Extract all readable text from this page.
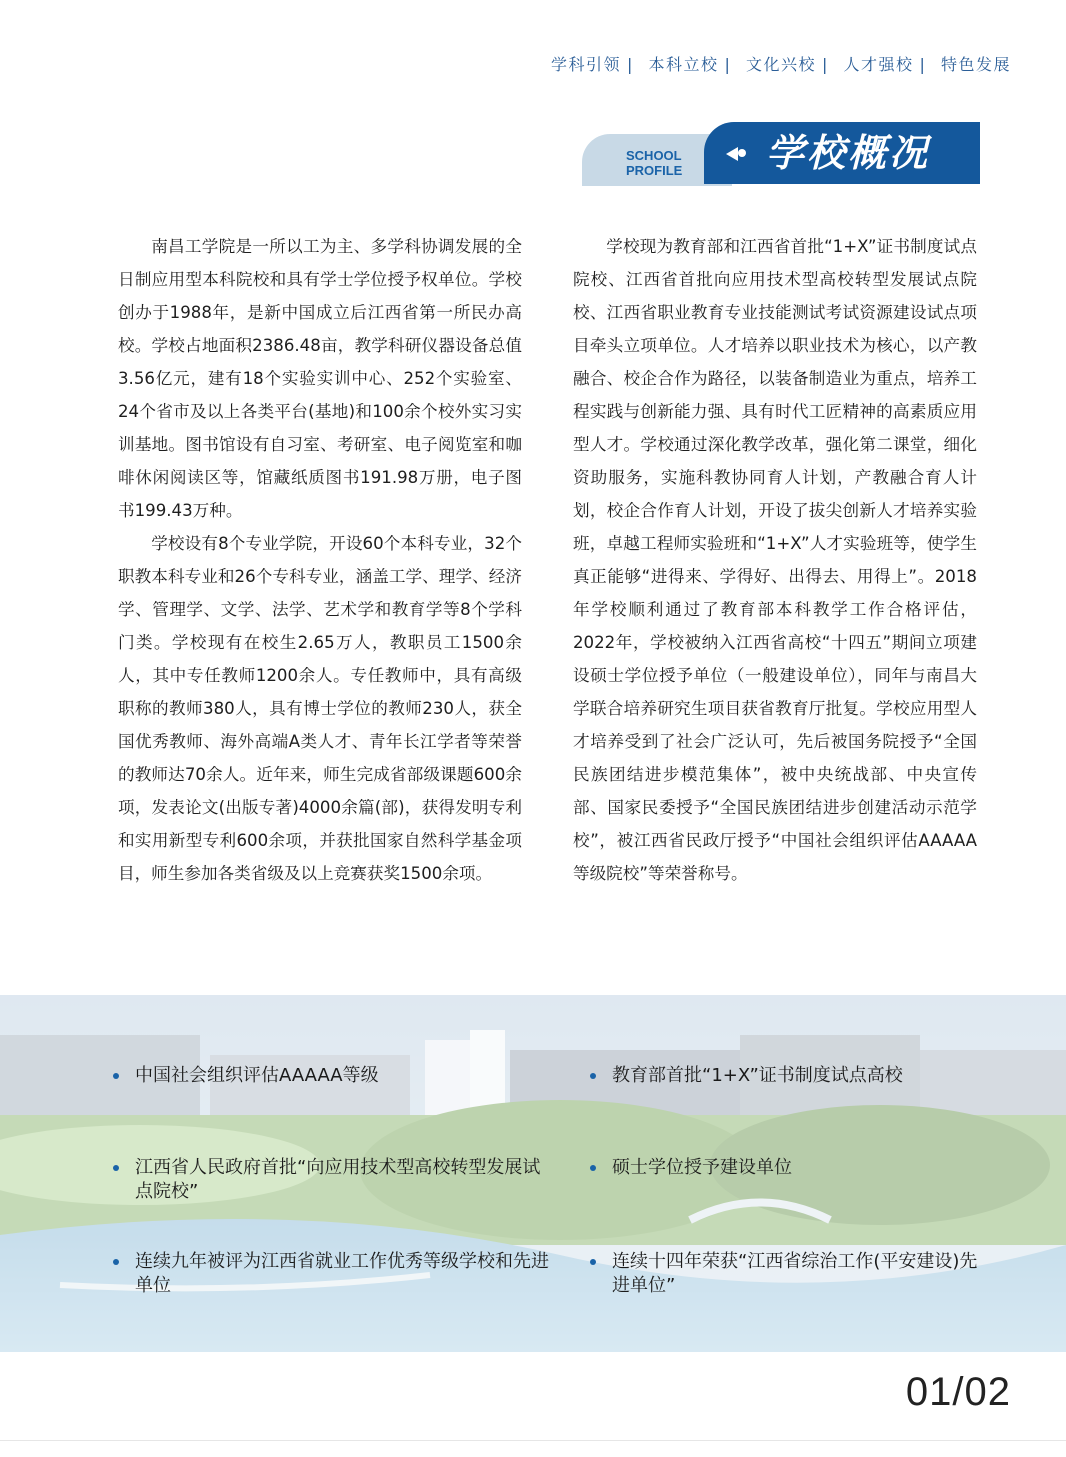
学科引领 | 本科立校 | 文化兴校 | 人才强校 | 特色发展
SCHOOL
PROFILE 学校概况

南昌工学院是一所以工为主、多学科协调发展的全日制应用型本科院校和具有学士学位授予权单位。学校创办于1988年，是新中国成立后江西省第一所民办高校。学校占地面积2386.48亩，教学科研仪器设备总值3.56亿元，建有18个实验实训中心、252个实验室、24个省市及以上各类平台(基地)和100余个校外实习实训基地。图书馆设有自习室、考研室、电子阅览室和咖啡休闲阅读区等，馆藏纸质图书191.98万册，电子图书199.43万种。

学校设有8个专业学院，开设60个本科专业，32个职教本科专业和26个专科专业，涵盖工学、理学、经济学、管理学、文学、法学、艺术学和教育学等8个学科门类。学校现有在校生2.65万人，教职员工1500余人，其中专任教师1200余人。专任教师中，具有高级职称的教师380人，具有博士学位的教师230人，获全国优秀教师、海外高端A类人才、青年长江学者等荣誉的教师达70余人。近年来，师生完成省部级课题600余项，发表论文(出版专著)4000余篇(部)，获得发明专利和实用新型专利600余项，并获批国家自然科学基金项目，师生参加各类省级及以上竞赛获奖1500余项。

学校现为教育部和江西省首批“1+X”证书制度试点院校、江西省首批向应用技术型高校转型发展试点院校、江西省职业教育专业技能测试考试资源建设试点项目牵头立项单位。人才培养以职业技术为核心，以产教融合、校企合作为路径，以装备制造业为重点，培养工程实践与创新能力强、具有时代工匠精神的高素质应用型人才。学校通过深化教学改革，强化第二课堂，细化资助服务，实施科教协同育人计划，产教融合育人计划，校企合作育人计划，开设了拔尖创新人才培养实验班，卓越工程师实验班和“1+X”人才实验班等，使学生真正能够“进得来、学得好、出得去、用得上”。2018年学校顺利通过了教育部本科教学工作合格评估，2022年，学校被纳入江西省高校“十四五”期间立项建设硕士学位授予单位（一般建设单位），同年与南昌大学联合培养研究生项目获省教育厅批复。学校应用型人才培养受到了社会广泛认可，先后被国务院授予“全国民族团结进步模范集体”，被中央统战部、中央宣传部、国家民委授予“全国民族团结进步创建活动示范学校”，被江西省民政厅授予“中国社会组织评估AAAAA等级院校”等荣誉称号。

中国社会组织评估AAAAA等级	教育部首批“1+X”证书制度试点高校
江西省人民政府首批“向应用技术型高校转型发展试点院校”
硕士学位授予建设单位
连续九年被评为江西省就业工作优秀等级学校和先进单位
连续十四年荣获“江西省综治工作(平安建设)先进单位”
01/02
